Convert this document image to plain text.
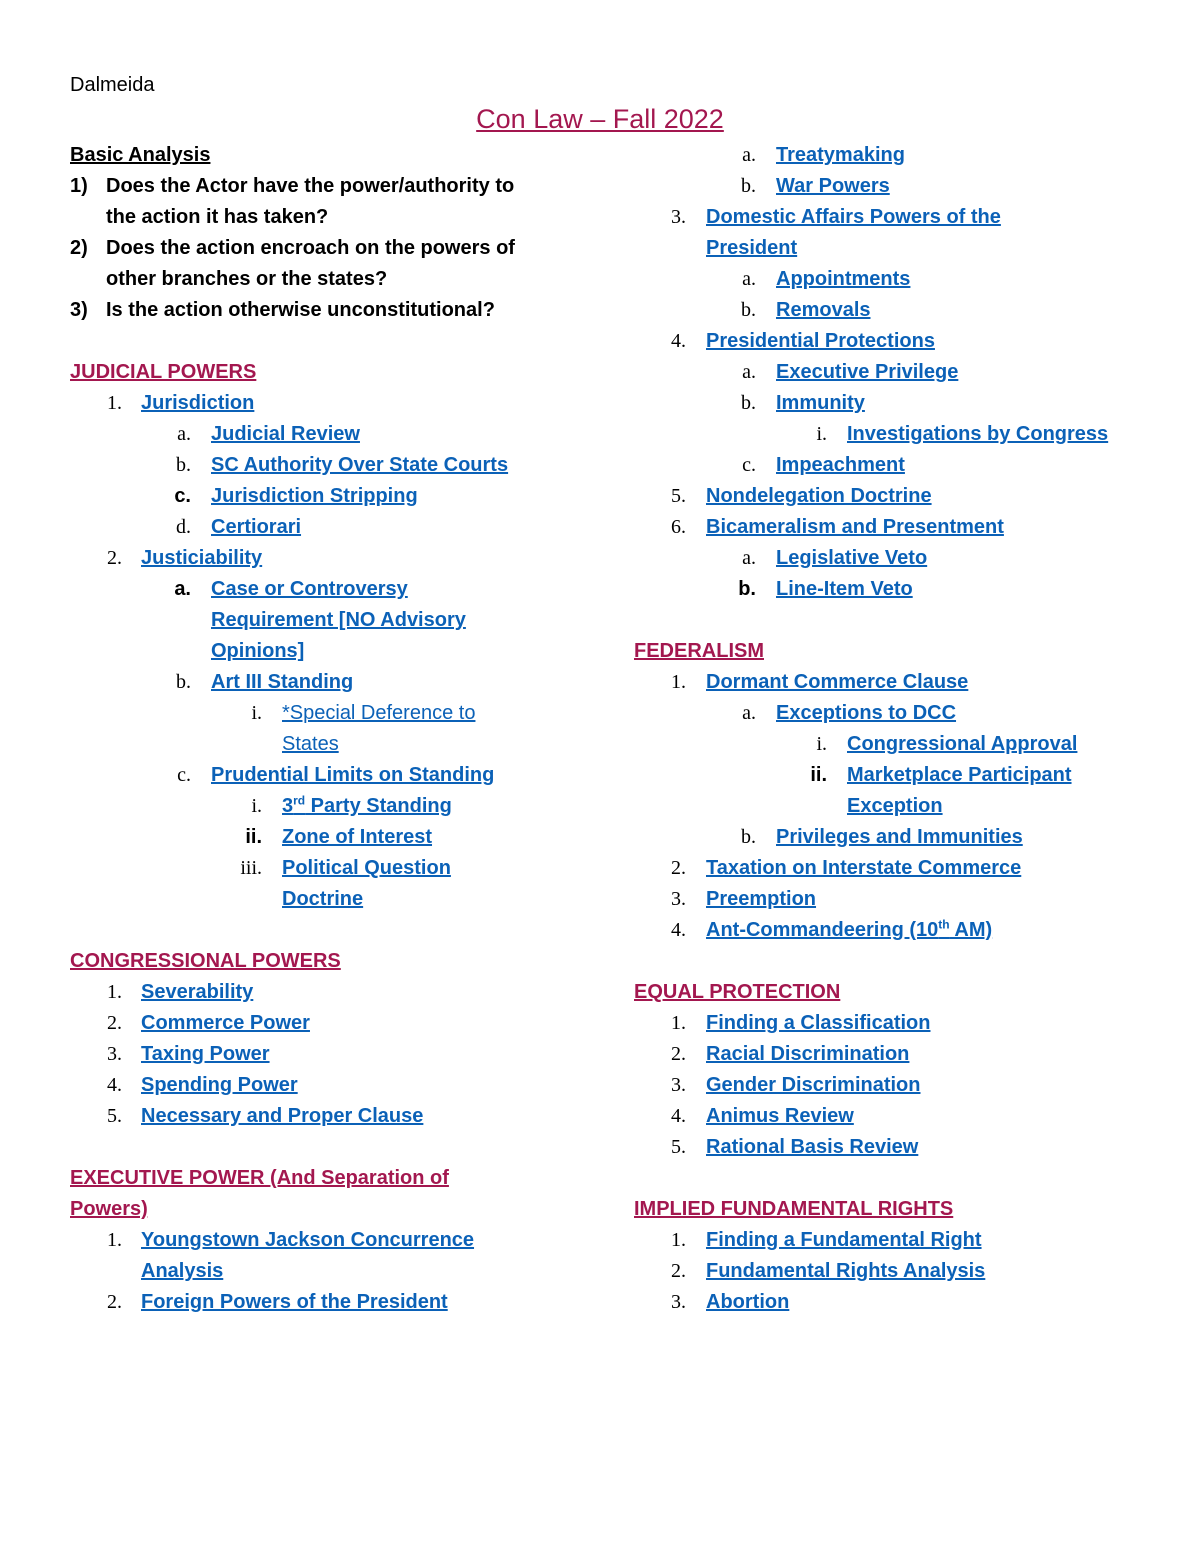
Dalmeida
Con Law – Fall 2022
Basic Analysis
1) Does the Actor have the power/authority to the action it has taken?
2) Does the action encroach on the powers of other branches or the states?
3) Is the action otherwise unconstitutional?
JUDICIAL POWERS
1. Jurisdiction
a. Judicial Review
b. SC Authority Over State Courts
c. Jurisdiction Stripping
d. Certiorari
2. Justiciability
a. Case or Controversy Requirement [NO Advisory Opinions]
b. Art III Standing
i. *Special Deference to States
c. Prudential Limits on Standing
i. 3rd Party Standing
ii. Zone of Interest
iii. Political Question Doctrine
CONGRESSIONAL POWERS
1. Severability
2. Commerce Power
3. Taxing Power
4. Spending Power
5. Necessary and Proper Clause
EXECUTIVE POWER (And Separation of Powers)
1. Youngstown Jackson Concurrence Analysis
2. Foreign Powers of the President
a. Treatymaking
b. War Powers
3. Domestic Affairs Powers of the President
a. Appointments
b. Removals
4. Presidential Protections
a. Executive Privilege
b. Immunity
i. Investigations by Congress
c. Impeachment
5. Nondelegation Doctrine
6. Bicameralism and Presentment
a. Legislative Veto
b. Line-Item Veto
FEDERALISM
1. Dormant Commerce Clause
a. Exceptions to DCC
i. Congressional Approval
ii. Marketplace Participant Exception
b. Privileges and Immunities
2. Taxation on Interstate Commerce
3. Preemption
4. Ant-Commandeering (10th AM)
EQUAL PROTECTION
1. Finding a Classification
2. Racial Discrimination
3. Gender Discrimination
4. Animus Review
5. Rational Basis Review
IMPLIED FUNDAMENTAL RIGHTS
1. Finding a Fundamental Right
2. Fundamental Rights Analysis
3. Abortion
